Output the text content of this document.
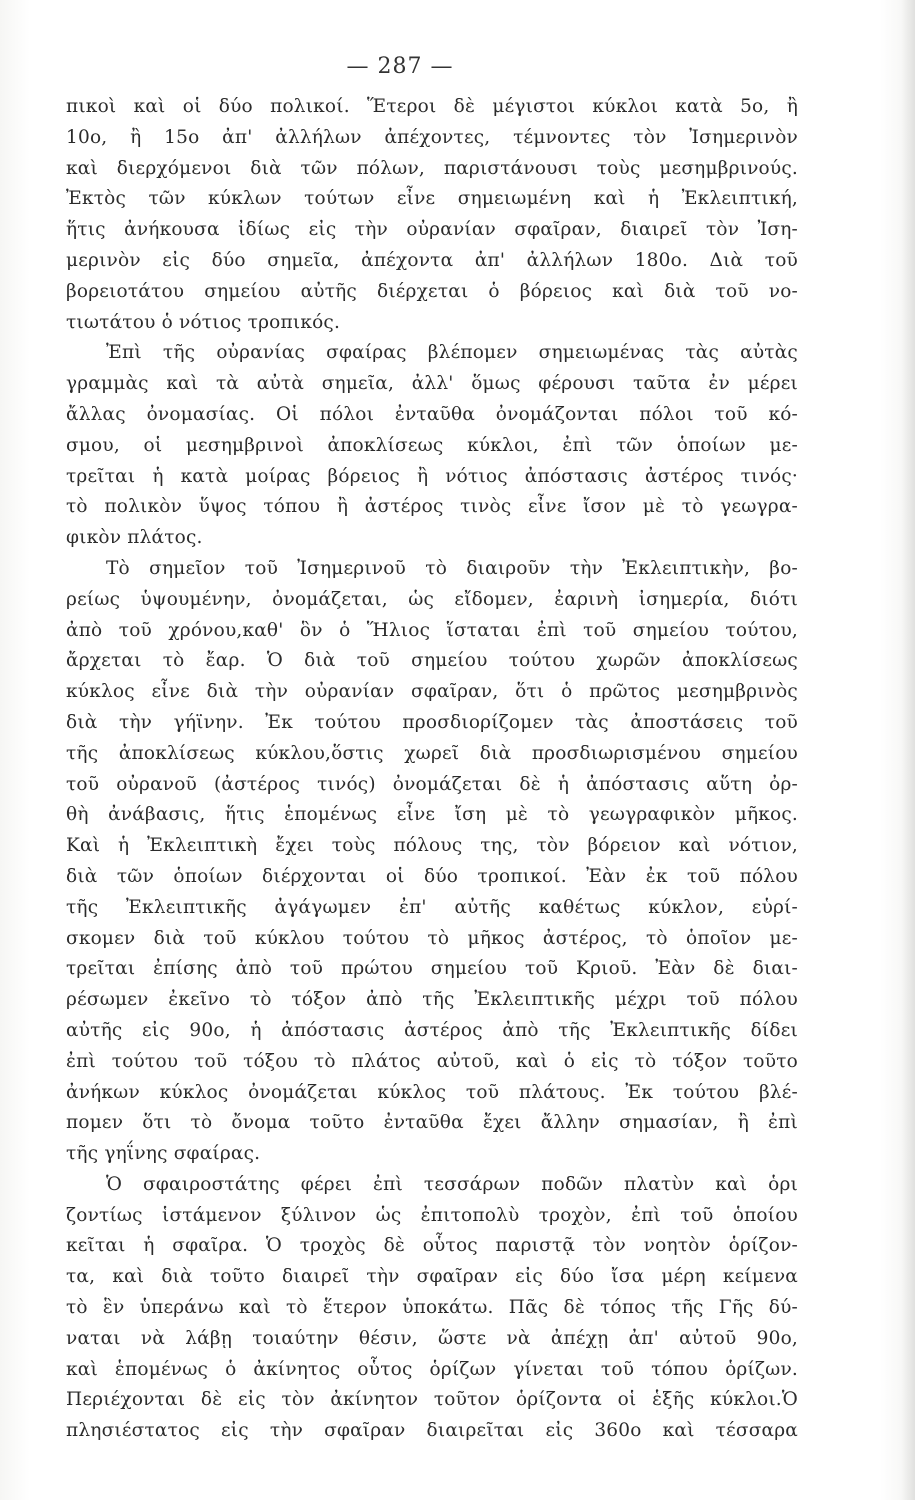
— 287 —
πικοὶ καὶ οἱ δύο πολικοί. Ἕτεροι δὲ μέγιστοι κύκλοι κατὰ 5ο, ἢ
10ο, ἢ 15ο ἀπ' ἀλλήλων ἀπέχοντες, τέμνοντες τὸν Ἰσημερινὸν
καὶ διερχόμενοι διὰ τῶν πόλων, παριστάνουσι τοὺς μεσημβρινούς.
Ἐκτὸς τῶν κύκλων τούτων εἶνε σημειωμένη καὶ ἡ Ἐκλειπτική,
ἥτις ἀνήκουσα ἰδίως εἰς τὴν οὐρανίαν σφαῖραν, διαιρεῖ τὸν Ἰση-
μερινὸν εἰς δύο σημεῖα, ἀπέχοντα ἀπ' ἀλλήλων 180ο. Διὰ τοῦ
βορειοτάτου σημείου αὐτῆς διέρχεται ὁ βόρειος καὶ διὰ τοῦ νο-
τιωτάτου ὁ νότιος τροπικός.
Ἐπὶ τῆς οὐρανίας σφαίρας βλέπομεν σημειωμένας τὰς αὐτὰς
γραμμὰς καὶ τὰ αὐτὰ σημεῖα, ἀλλ' ὅμως φέρουσι ταῦτα ἐν μέρει
ἄλλας ὀνομασίας. Οἱ πόλοι ἐνταῦθα ὀνομάζονται πόλοι τοῦ κό-
σμου, οἱ μεσημβρινοὶ ἀποκλίσεως κύκλοι, ἐπὶ τῶν ὁποίων με-
τρεῖται ἡ κατὰ μοίρας βόρειος ἢ νότιος ἀπόστασις ἀστέρος τινός·
τὸ πολικὸν ὕψος τόπου ἢ ἀστέρος τινὸς εἶνε ἴσον μὲ τὸ γεωγρα-
φικὸν πλάτος.
Τὸ σημεῖον τοῦ Ἰσημερινοῦ τὸ διαιροῦν τὴν Ἐκλειπτικὴν, βο-
ρείως ὑψουμένην, ὀνομάζεται, ὡς εἴδομεν, ἐαρινὴ ἰσημερία, διότι
ἀπὸ τοῦ χρόνου,καθ' ὃν ὁ Ἥλιος ἵσταται ἐπὶ τοῦ σημείου τούτου,
ἄρχεται τὸ ἔαρ. Ὁ διὰ τοῦ σημείου τούτου χωρῶν ἀποκλίσεως
κύκλος εἶνε διὰ τὴν οὐρανίαν σφαῖραν, ὅτι ὁ πρῶτος μεσημβρινὸς
διὰ τὴν γήϊνην. Ἐκ τούτου προσδιορίζομεν τὰς ἀποστάσεις τοῦ
τῆς ἀποκλίσεως κύκλου,ὅστις χωρεῖ διὰ προσδιωρισμένου σημείου
τοῦ οὐρανοῦ (ἀστέρος τινός) ὀνομάζεται δὲ ἡ ἀπόστασις αὕτη ὀρ-
θὴ ἀνάβασις, ἥτις ἑπομένως εἶνε ἴση μὲ τὸ γεωγραφικὸν μῆκος.
Καὶ ἡ Ἐκλειπτικὴ ἔχει τοὺς πόλους της, τὸν βόρειον καὶ νότιον,
διὰ τῶν ὁποίων διέρχονται οἱ δύο τροπικοί. Ἐὰν ἐκ τοῦ πόλου
τῆς Ἐκλειπτικῆς ἀγάγωμεν ἐπ' αὐτῆς καθέτως κύκλον, εὑρί-
σκομεν διὰ τοῦ κύκλου τούτου τὸ μῆκος ἀστέρος, τὸ ὁποῖον με-
τρεῖται ἐπίσης ἀπὸ τοῦ πρώτου σημείου τοῦ Κριοῦ. Ἐὰν δὲ διαι-
ρέσωμεν ἐκεῖνο τὸ τόξον ἀπὸ τῆς Ἐκλειπτικῆς μέχρι τοῦ πόλου
αὐτῆς εἰς 90ο, ἡ ἀπόστασις ἀστέρος ἀπὸ τῆς Ἐκλειπτικῆς δίδει
ἐπὶ τούτου τοῦ τόξου τὸ πλάτος αὐτοῦ, καὶ ὁ εἰς τὸ τόξον τοῦτο
ἀνήκων κύκλος ὀνομάζεται κύκλος τοῦ πλάτους. Ἐκ τούτου βλέ-
πομεν ὅτι τὸ ὄνομα τοῦτο ἐνταῦθα ἔχει ἄλλην σημασίαν, ἢ ἐπὶ
τῆς γηΐνης σφαίρας.
Ὁ σφαιροστάτης φέρει ἐπὶ τεσσάρων ποδῶν πλατὺν καὶ ὁρι
ζοντίως ἱστάμενον ξύλινον ὡς ἐπιτοπολὺ τροχὸν, ἐπὶ τοῦ ὁποίου
κεῖται ἡ σφαῖρα. Ὁ τροχὸς δὲ οὗτος παριστᾷ τὸν νοητὸν ὁρίζον-
τα, καὶ διὰ τοῦτο διαιρεῖ τὴν σφαῖραν εἰς δύο ἴσα μέρη κείμενα
τὸ ἓν ὑπεράνω καὶ τὸ ἕτερον ὑποκάτω. Πᾶς δὲ τόπος τῆς Γῆς δύ-
ναται νὰ λάβῃ τοιαύτην θέσιν, ὥστε νὰ ἀπέχῃ ἀπ' αὐτοῦ 90ο,
καὶ ἑπομένως ὁ ἀκίνητος οὗτος ὁρίζων γίνεται τοῦ τόπου ὁρίζων.
Περιέχονται δὲ εἰς τὸν ἀκίνητον τοῦτον ὁρίζοντα οἱ ἑξῆς κύκλοι.Ὁ
πλησιέστατος εἰς τὴν σφαῖραν διαιρεῖται εἰς 360ο καὶ τέσσαρα
